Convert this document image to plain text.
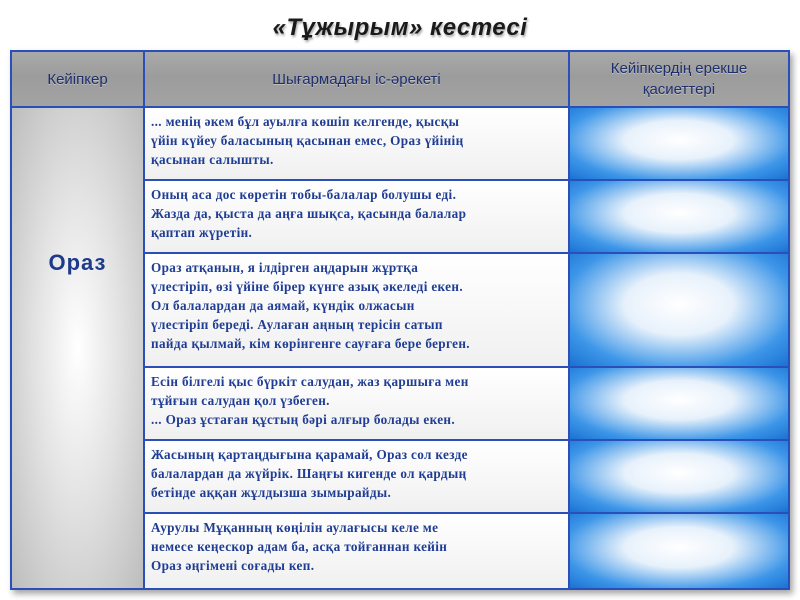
«Тұжырым» кестесі
Кейіпкер	Шығармадағы іс-әрекеті
Кейіпкердің ерекше
қасиеттері
Ораз
... менің әкем бұл ауылға көшіп келгенде, қысқы
үйін күйеу баласының қасынан емес, Ораз үйінің
қасынан салышты.
Оның аса дос көретін тобы-балалар болушы еді.
Жазда да, қыста да аңға шықса, қасында балалар
қаптап жүретін.
Ораз атқанын, я ілдірген аңдарын жұртқа
үлестіріп, өзі үйіне бірер күнге азық әкеледі екен.
Ол балалардан да аямай, күндік олжасын
үлестіріп береді. Аулаған аңның терісін сатып
пайда қылмай, кім көрінгенге сауғаға бере берген.
Есін білгелі қыс бүркіт салудан, жаз қаршығa мен
тұйғын салудан қол үзбеген.
... Ораз ұстаған құстың бәрі алғыр болады екен.
Жасының қартаңдығына қарамай, Ораз сол кезде
балалардан да жүйрік. Шаңғы кигенде ол қардың
бетінде аққан жұлдызша зымырайды.
Аурулы Мұқанның көңілін аулағысы келе ме
немесе кеңескор адам ба, асқа тойғаннан кейін
Ораз әңгімені соғады кеп.
